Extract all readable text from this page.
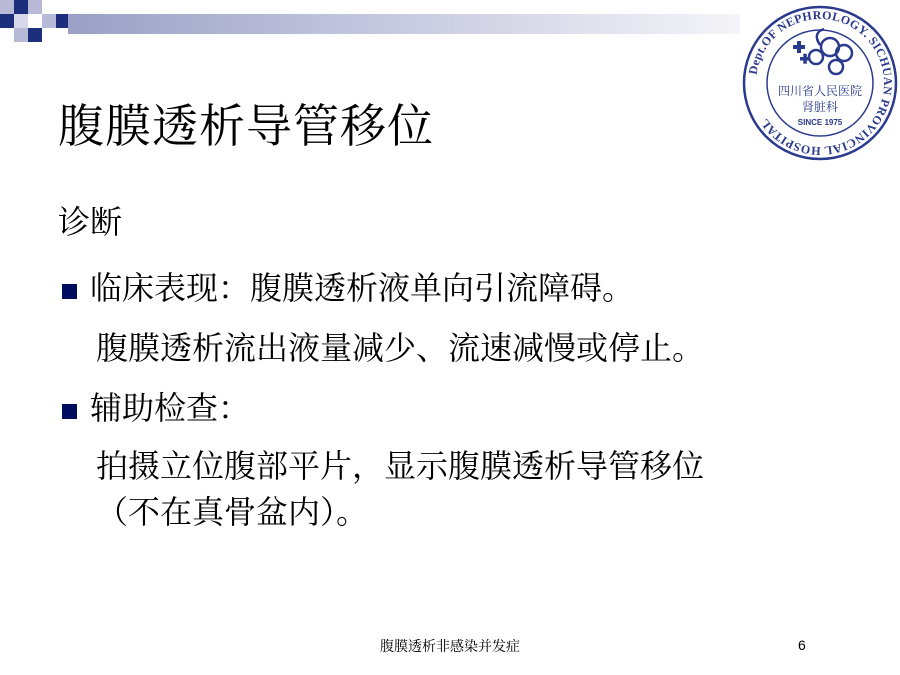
Dept.OF NEPHROLOGY. SICHUAN PROVINCIAL HOSPITAL
四川省人民医院
肾脏科
SINCE 1975
腹膜透析导管移位
诊断
临床表现：腹膜透析液单向引流障碍。
腹膜透析流出液量减少、流速减慢或停止。
辅助检查：
拍摄立位腹部平片，显示腹膜透析导管移位
（不在真骨盆内）。
腹膜透析非感染并发症	6
